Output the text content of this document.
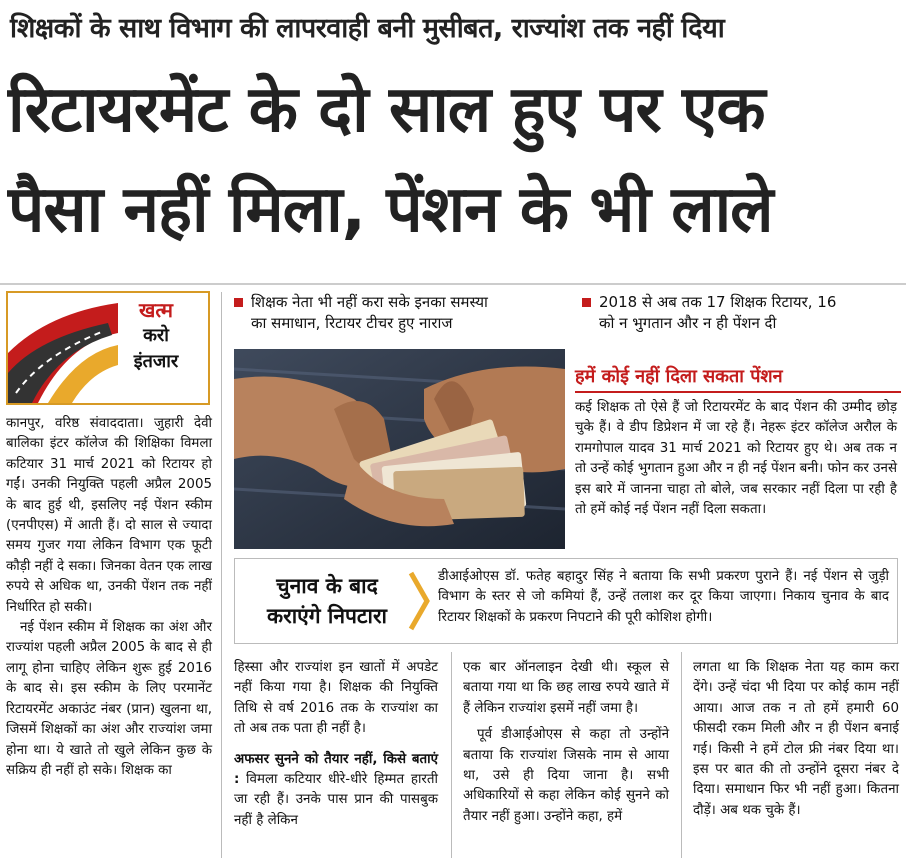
शिक्षकों के साथ विभाग की लापरवाही बनी मुसीबत, राज्यांश तक नहीं दिया
रिटायरमेंट के दो साल हुए पर एक
पैसा नहीं मिला, पेंशन के भी लाले
खत्म
करो
इंतजार

कानपुर, वरिष्ठ संवाददाता। जुहारी देवी बालिका इंटर कॉलेज की शिक्षिका विमला कटियार 31 मार्च 2021 को रिटायर हो गईं। उनकी नियुक्ति पहली अप्रैल 2005 के बाद हुई थी, इसलिए नई पेंशन स्कीम (एनपीएस) में आती हैं। दो साल से ज्यादा समय गुजर गया लेकिन विभाग एक फूटी कौड़ी नहीं दे सका। जिनका वेतन एक लाख रुपये से अधिक था, उनकी पेंशन तक नहीं निर्धारित हो सकी।

नई पेंशन स्कीम में शिक्षक का अंश और राज्यांश पहली अप्रैल 2005 के बाद से ही लागू होना चाहिए लेकिन शुरू हुई 2016 के बाद से। इस स्कीम के लिए परमानेंट रिटायरमेंट अकाउंट नंबर (प्रान) खुलना था, जिसमें शिक्षकों का अंश और राज्यांश जमा होना था। ये खाते तो खुले लेकिन कुछ के सक्रिय ही नहीं हो सके। शिक्षक का

शिक्षक नेता भी नहीं करा सके इनका समस्या
का समाधान, रिटायर टीचर हुए नाराज
2018 से अब तक 17 शिक्षक रिटायर, 16
को न भुगतान और न ही पेंशन दी
हमें कोई नहीं दिला सकता पेंशन
कई शिक्षक तो ऐसे हैं जो रिटायरमेंट के बाद पेंशन की उम्मीद छोड़ चुके हैं। वे डीप डिप्रेशन में जा रहे हैं। नेहरू इंटर कॉलेज अरौल के रामगोपाल यादव 31 मार्च 2021 को रिटायर हुए थे। अब तक न तो उन्हें कोई भुगतान हुआ और न ही नई पेंशन बनी। फोन कर उनसे इस बारे में जानना चाहा तो बोले, जब सरकार नहीं दिला पा रही है तो हमें कोई नई पेंशन नहीं दिला सकता।
चुनाव के बाद
कराएंगे निपटारा
डीआईओएस डॉ. फतेह बहादुर सिंह ने बताया कि सभी प्रकरण पुराने हैं। नई पेंशन से जुड़ी विभाग के स्तर से जो कमियां हैं, उन्हें तलाश कर दूर किया जाएगा। निकाय चुनाव के बाद रिटायर शिक्षकों के प्रकरण निपटाने की पूरी कोशिश होगी।

हिस्सा और राज्यांश इन खातों में अपडेट नहीं किया गया है। शिक्षक की नियुक्ति तिथि से वर्ष 2016 तक के राज्यांश का तो अब तक पता ही नहीं है।

अफसर सुनने को तैयार नहीं, किसे बताएं : विमला कटियार धीरे-धीरे हिम्मत हारती जा रही हैं। उनके पास प्रान की पासबुक नहीं है लेकिन

एक बार ऑनलाइन देखी थी। स्कूल से बताया गया था कि छह लाख रुपये खाते में हैं लेकिन राज्यांश इसमें नहीं जमा है।

पूर्व डीआईओएस से कहा तो उन्होंने बताया कि राज्यांश जिसके नाम से आया था, उसे ही दिया जाना है। सभी अधिकारियों से कहा लेकिन कोई सुनने को तैयार नहीं हुआ। उन्होंने कहा, हमें

लगता था कि शिक्षक नेता यह काम करा देंगे। उन्हें चंदा भी दिया पर कोई काम नहीं आया। आज तक न तो हमें हमारी 60 फीसदी रकम मिली और न ही पेंशन बनाई गई। किसी ने हमें टोल फ्री नंबर दिया था। इस पर बात की तो उन्होंने दूसरा नंबर दे दिया। समाधान फिर भी नहीं हुआ। कितना दौड़ें। अब थक चुके हैं।
